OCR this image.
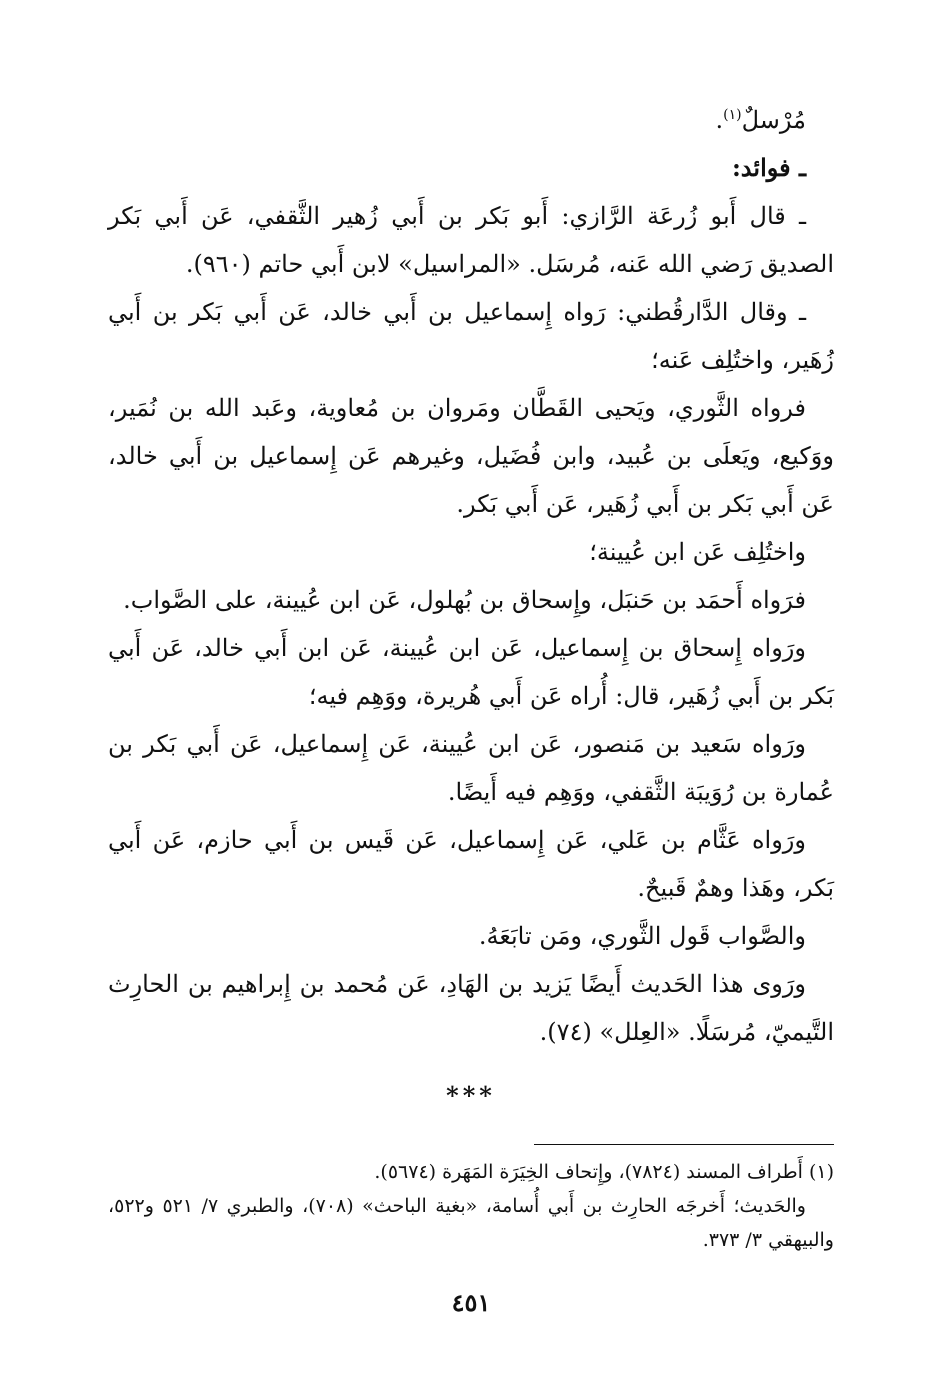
مُرْسلٌ$^{(١)}$.

ـ فوائد:

ـ قال أَبو زُرعَة الرَّازي: أَبو بَكر بن أَبي زُهير الثَّقفي، عَن أَبي بَكر الصديق رَضي الله عَنه، مُرسَل. «المراسيل» لابن أَبي حاتم (٩٦٠).

ـ وقال الدَّارقُطني: رَواه إِسماعيل بن أَبي خالد، عَن أَبي بَكر بن أَبي زُهَير، واختُلِف عَنه؛

فرواه الثَّوري، ويَحيى القَطَّان ومَروان بن مُعاوية، وعَبد الله بن نُمَير، ووَكيع، ويَعلَى بن عُبيد، وابن فُضَيل، وغيرهم عَن إِسماعيل بن أَبي خالد، عَن أَبي بَكر بن أَبي زُهَير، عَن أَبي بَكر.

واختُلِف عَن ابن عُيينة؛

فرَواه أَحمَد بن حَنبَل، وإِسحاق بن بُهلول، عَن ابن عُيينة، على الصَّواب.

ورَواه إِسحاق بن إِسماعيل، عَن ابن عُيينة، عَن ابن أَبي خالد، عَن أَبي بَكر بن أَبي زُهَير، قال: أُراه عَن أَبي هُريرة، ووَهِم فيه؛

ورَواه سَعيد بن مَنصور، عَن ابن عُيينة، عَن إِسماعيل، عَن أَبي بَكر بن عُمارة بن رُوَيبَة الثَّقفي، ووَهِم فيه أَيضًا.

ورَواه عَثَّام بن عَلي، عَن إِسماعيل، عَن قَيس بن أَبي حازم، عَن أَبي بَكر، وهَذا وهمٌ قَبيحٌ.

والصَّواب قَول الثَّوري، ومَن تابَعَهُ.

ورَوى هذا الحَديث أَيضًا يَزيد بن الهَادِ، عَن مُحمد بن إِبراهيم بن الحارِث التَّيميّ، مُرسَلًا. «العِلل» (٧٤).

***

(١) أَطراف المسند (٧٨٢٤)، وإِتحاف الخِيَرَة المَهَرة (٥٦٧٤).

والحَديث؛ أَخرجَه الحارِث بن أَبي أُسامة، «بغية الباحث» (٧٠٨)، والطبري ٧/ ٥٢١ و٥٢٢، والبيهقي ٣/ ٣٧٣.

٤٥١
